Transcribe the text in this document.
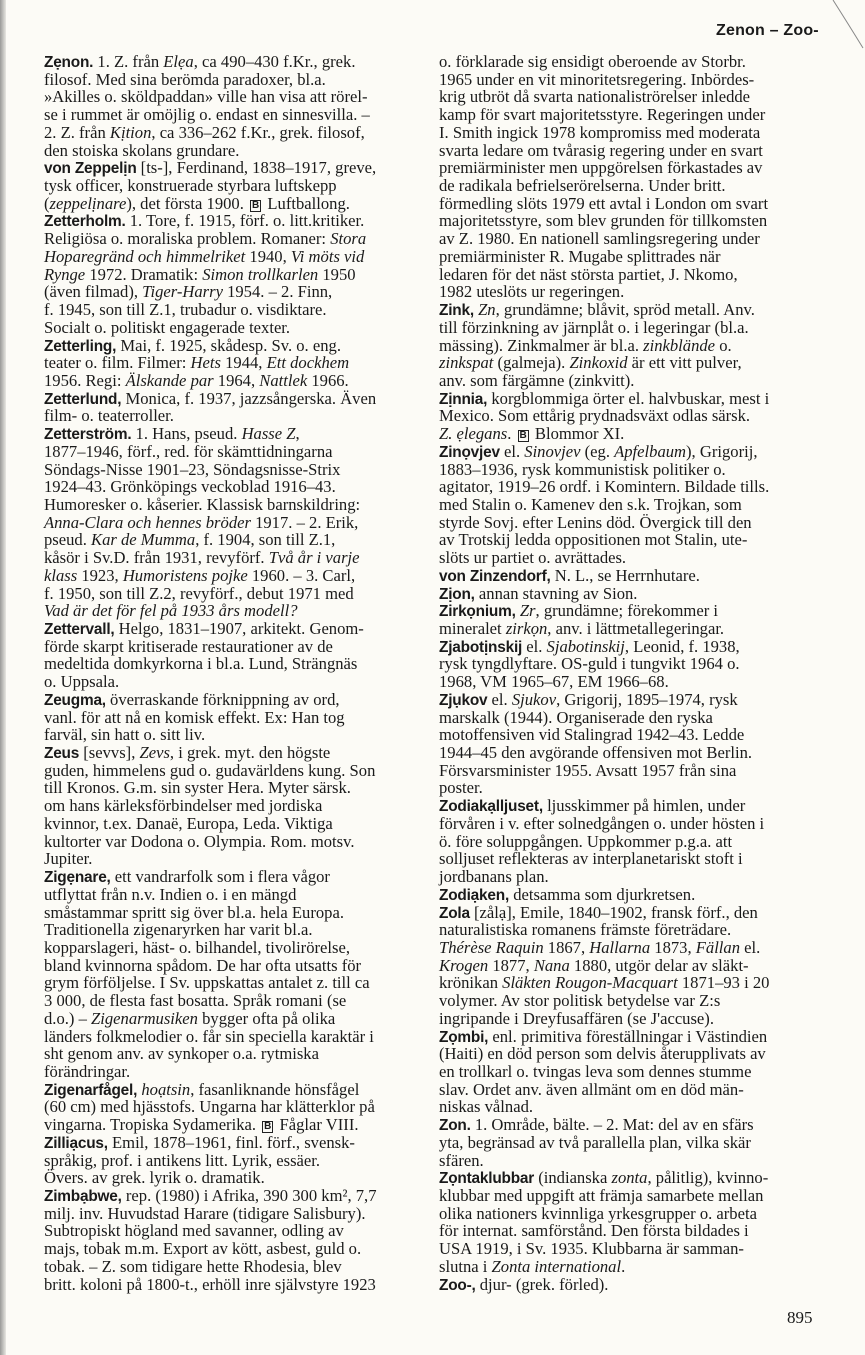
Zenon – Zoo-
Zẹnon. 1. Z. från Elẹa, ca 490–430 f.Kr., grek.
filosof. Med sina berömda paradoxer, bl.a.
»Akilles o. sköldpaddan» ville han visa att rörel-
se i rummet är omöjlig o. endast en sinnesvilla. –
2. Z. från Kịtion, ca 336–262 f.Kr., grek. filosof,
den stoiska skolans grundare.
von Zeppelịn [ts-], Ferdinand, 1838–1917, greve,
tysk officer, konstruerade styrbara luftskepp
(zeppelịnare), det första 1900. B Luftballong.
Zetterholm. 1. Tore, f. 1915, förf. o. litt.kritiker.
Religiösa o. moraliska problem. Romaner: Stora
Hoparegränd och himmelriket 1940, Vi möts vid
Rynge 1972. Dramatik: Simon trollkarlen 1950
(även filmad), Tiger-Harry 1954. – 2. Finn,
f. 1945, son till Z.1, trubadur o. visdiktare.
Socialt o. politiskt engagerade texter.
Zetterling, Mai, f. 1925, skådesp. Sv. o. eng.
teater o. film. Filmer: Hets 1944, Ett dockhem
1956. Regi: Älskande par 1964, Nattlek 1966.
Zetterlund, Monica, f. 1937, jazzsångerska. Även
film- o. teaterroller.
Zetterström. 1. Hans, pseud. Hasse Z,
1877–1946, förf., red. för skämttidningarna
Söndags-Nisse 1901–23, Söndagsnisse-Strix
1924–43. Grönköpings veckoblad 1916–43.
Humoresker o. kåserier. Klassisk barnskildring:
Anna-Clara och hennes bröder 1917. – 2. Erik,
pseud. Kar de Mumma, f. 1904, son till Z.1,
kåsör i Sv.D. från 1931, revyförf. Två år i varje
klass 1923, Humoristens pojke 1960. – 3. Carl,
f. 1950, son till Z.2, revyförf., debut 1971 med
Vad är det för fel på 1933 års modell?
Zettervall, Helgo, 1831–1907, arkitekt. Genom-
förde skarpt kritiserade restaurationer av de
medeltida domkyrkorna i bl.a. Lund, Strängnäs
o. Uppsala.
Zeugma, överraskande förknippning av ord,
vanl. för att nå en komisk effekt. Ex: Han tog
farväl, sin hatt o. sitt liv.
Zeus [sevvs], Zevs, i grek. myt. den högste
guden, himmelens gud o. gudavärldens kung. Son
till Kronos. G.m. sin syster Hera. Myter särsk.
om hans kärleksförbindelser med jordiska
kvinnor, t.ex. Danaë, Europa, Leda. Viktiga
kultorter var Dodona o. Olympia. Rom. motsv.
Jupiter.
Zigẹnare, ett vandrarfolk som i flera vågor
utflyttat från n.v. Indien o. i en mängd
småstammar spritt sig över bl.a. hela Europa.
Traditionella zigenaryrken har varit bl.a.
kopparslageri, häst- o. bilhandel, tivolirörelse,
bland kvinnorna spådom. De har ofta utsatts för
grym förföljelse. I Sv. uppskattas antalet z. till ca
3 000, de flesta fast bosatta. Språk romani (se
d.o.) – Zigenarmusiken bygger ofta på olika
länders folkmelodier o. får sin speciella karaktär i
sht genom anv. av synkoper o.a. rytmiska
förändringar.
Zigenarfågel, hoạtsin, fasanliknande hönsfågel
(60 cm) med hjässtofs. Ungarna har klätterklor på
vingarna. Tropiska Sydamerika. B Fåglar VIII.
Zilliạcus, Emil, 1878–1961, finl. förf., svensk-
språkig, prof. i antikens litt. Lyrik, essäer.
Övers. av grek. lyrik o. dramatik.
Zimbạbwe, rep. (1980) i Afrika, 390 300 km², 7,7
milj. inv. Huvudstad Harare (tidigare Salisbury).
Subtropiskt högland med savanner, odling av
majs, tobak m.m. Export av kött, asbest, guld o.
tobak. – Z. som tidigare hette Rhodesia, blev
britt. koloni på 1800-t., erhöll inre självstyre 1923
o. förklarade sig ensidigt oberoende av Storbr.
1965 under en vit minoritetsregering. Inbördes-
krig utbröt då svarta nationaliströrelser inledde
kamp för svart majoritetsstyre. Regeringen under
I. Smith ingick 1978 kompromiss med moderata
svarta ledare om tvårasig regering under en svart
premiärminister men uppgörelsen förkastades av
de radikala befrielserörelserna. Under britt.
förmedling slöts 1979 ett avtal i London om svart
majoritetsstyre, som blev grunden för tillkomsten
av Z. 1980. En nationell samlingsregering under
premiärminister R. Mugabe splittrades när
ledaren för det näst största partiet, J. Nkomo,
1982 uteslöts ur regeringen.
Zink, Zn, grundämne; blåvit, spröd metall. Anv.
till förzinkning av järnplåt o. i legeringar (bl.a.
mässing). Zinkmalmer är bl.a. zinkblände o.
zinkspat (galmeja). Zinkoxid är ett vitt pulver,
anv. som färgämne (zinkvitt).
Zịnnia, korgblommiga örter el. halvbuskar, mest i
Mexico. Som ettårig prydnadsväxt odlas särsk.
Z. ẹlegans. B Blommor XI.
Zinọvjev el. Sinovjev (eg. Apfelbaum), Grigorij,
1883–1936, rysk kommunistisk politiker o.
agitator, 1919–26 ordf. i Komintern. Bildade tills.
med Stalin o. Kamenev den s.k. Trojkan, som
styrde Sovj. efter Lenins död. Övergick till den
av Trotskij ledda oppositionen mot Stalin, ute-
slöts ur partiet o. avrättades.
von Zinzendorf, N. L., se Herrnhutare.
Zịon, annan stavning av Sion.
Zirkọnium, Zr, grundämne; förekommer i
mineralet zirkọn, anv. i lättmetallegeringar.
Zjabotịnskij el. Sjabotinskij, Leonid, f. 1938,
rysk tyngdlyftare. OS-guld i tungvikt 1964 o.
1968, VM 1965–67, EM 1966–68.
Zjụkov el. Sjukov, Grigorij, 1895–1974, rysk
marskalk (1944). Organiserade den ryska
motoffensiven vid Stalingrad 1942–43. Ledde
1944–45 den avgörande offensiven mot Berlin.
Försvarsminister 1955. Avsatt 1957 från sina
poster.
Zodiakạlljuset, ljusskimmer på himlen, under
förvåren i v. efter solnedgången o. under hösten i
ö. före soluppgången. Uppkommer p.g.a. att
solljuset reflekteras av interplanetariskt stoft i
jordbanans plan.
Zodiạken, detsamma som djurkretsen.
Zola [zålạ], Emile, 1840–1902, fransk förf., den
naturalistiska romanens främste företrädare.
Thérèse Raquin 1867, Hallarna 1873, Fällan el.
Krogen 1877, Nana 1880, utgör delar av släkt-
krönikan Släkten Rougon-Macquart 1871–93 i 20
volymer. Av stor politisk betydelse var Z:s
ingripande i Dreyfusaffären (se J'accuse).
Zọmbi, enl. primitiva föreställningar i Västindien
(Haiti) en död person som delvis återupplivats av
en trollkarl o. tvingas leva som dennes stumme
slav. Ordet anv. även allmänt om en död män-
niskas vålnad.
Zon. 1. Område, bälte. – 2. Mat: del av en sfärs
yta, begränsad av två parallella plan, vilka skär
sfären.
Zọntaklubbar (indianska zonta, pålitlig), kvinno-
klubbar med uppgift att främja samarbete mellan
olika nationers kvinnliga yrkesgrupper o. arbeta
för internat. samförstånd. Den första bildades i
USA 1919, i Sv. 1935. Klubbarna är samman-
slutna i Zonta international.
Zoo-, djur- (grek. förled).
895
